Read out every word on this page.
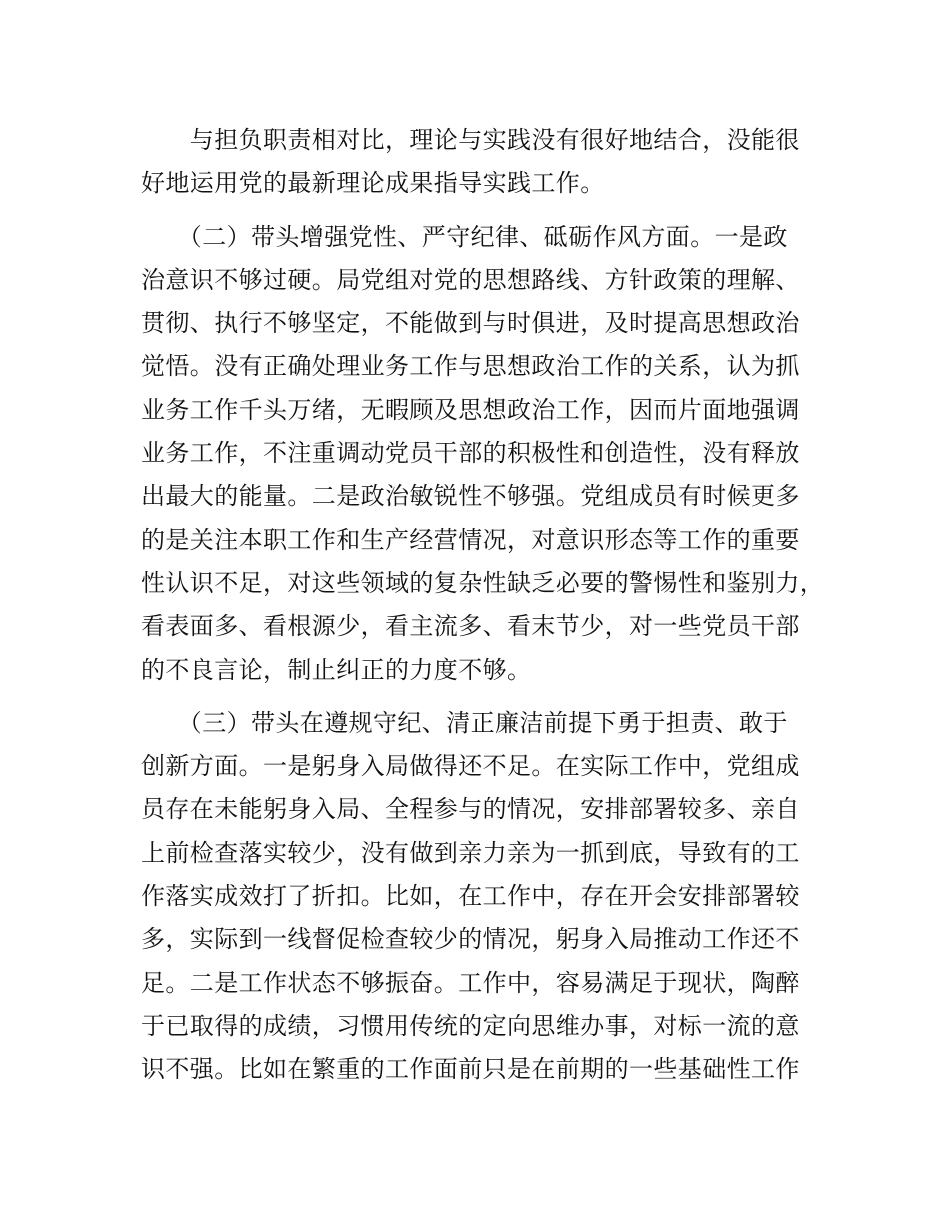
　　与担负职责相对比，理论与实践没有很好地结合，没能很
好地运用党的最新理论成果指导实践工作。
　　（二）带头增强党性、严守纪律、砥砺作风方面。一是政
治意识不够过硬。局党组对党的思想路线、方针政策的理解、
贯彻、执行不够坚定，不能做到与时俱进，及时提高思想政治
觉悟。没有正确处理业务工作与思想政治工作的关系，认为抓
业务工作千头万绪，无暇顾及思想政治工作，因而片面地强调
业务工作，不注重调动党员干部的积极性和创造性，没有释放
出最大的能量。二是政治敏锐性不够强。党组成员有时候更多
的是关注本职工作和生产经营情况，对意识形态等工作的重要
性认识不足，对这些领域的复杂性缺乏必要的警惕性和鉴别力，
看表面多、看根源少，看主流多、看末节少，对一些党员干部
的不良言论，制止纠正的力度不够。
　　（三）带头在遵规守纪、清正廉洁前提下勇于担责、敢于
创新方面。一是躬身入局做得还不足。在实际工作中，党组成
员存在未能躬身入局、全程参与的情况，安排部署较多、亲自
上前检查落实较少，没有做到亲力亲为一抓到底，导致有的工
作落实成效打了折扣。比如，在工作中，存在开会安排部署较
多，实际到一线督促检查较少的情况，躬身入局推动工作还不
足。二是工作状态不够振奋。工作中，容易满足于现状，陶醉
于已取得的成绩，习惯用传统的定向思维办事，对标一流的意
识不强。比如在繁重的工作面前只是在前期的一些基础性工作
